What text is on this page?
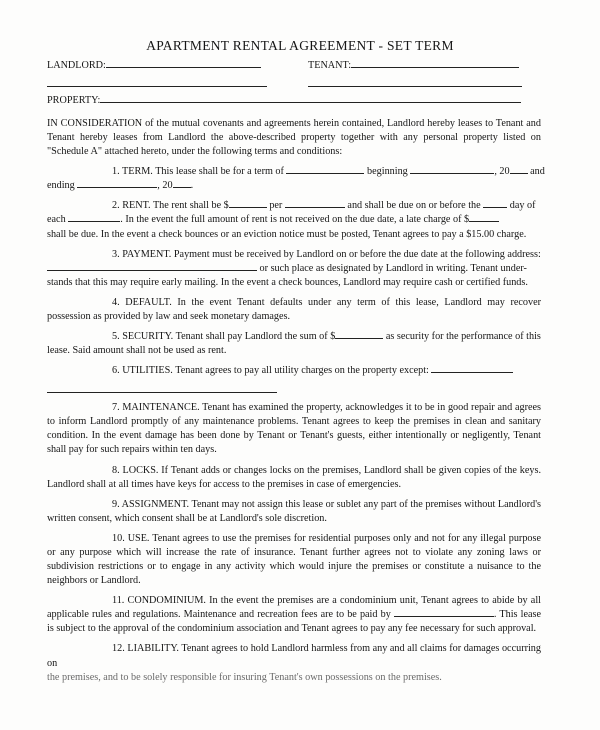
APARTMENT RENTAL AGREEMENT - SET TERM
LANDLORD:	TENANT:
PROPERTY:

IN CONSIDERATION of the mutual covenants and agreements herein contained, Landlord hereby leases to Tenant and Tenant hereby leases from Landlord the above-described property together with any personal property listed on "Schedule A" attached hereto, under the following terms and conditions:

1. TERM. This lease shall be for a term of	beginning	, 20 and

ending	, 20 .

2. RENT. The rent shall be $	per	and shall be due on or before the	day of

each	. In the event the full amount of rent is not received on the due date, a late charge of $

shall be due. In the event a check bounces or an eviction notice must be posted, Tenant agrees to pay a $15.00 charge.

3. PAYMENT. Payment must be received by Landlord on or before the due date at the following address:

or such place as designated by Landlord in writing. Tenant under-

stands that this may require early mailing. In the event a check bounces, Landlord may require cash or certified funds.

4. DEFAULT. In the event Tenant defaults under any term of this lease, Landlord may recover possession as provided by law and seek monetary damages.

5. SECURITY. Tenant shall pay Landlord the sum of $	as security for the performance of this

lease. Said amount shall not be used as rent.

6. UTILITIES. Tenant agrees to pay all utility charges on the property except:

7. MAINTENANCE. Tenant has examined the property, acknowledges it to be in good repair and agrees to inform Landlord promptly of any maintenance problems. Tenant agrees to keep the premises in clean and sanitary condition. In the event damage has been done by Tenant or Tenant's guests, either intentionally or negligently, Tenant shall pay for such repairs within ten days.

8. LOCKS. If Tenant adds or changes locks on the premises, Landlord shall be given copies of the keys. Landlord shall at all times have keys for access to the premises in case of emergencies.

9. ASSIGNMENT. Tenant may not assign this lease or sublet any part of the premises without Landlord's written consent, which consent shall be at Landlord's sole discretion.

10. USE. Tenant agrees to use the premises for residential purposes only and not for any illegal purpose or any purpose which will increase the rate of insurance. Tenant further agrees not to violate any zoning laws or subdivision restrictions or to engage in any activity which would injure the premises or constitute a nuisance to the neighbors or Landlord.

11. CONDOMINIUM. In the event the premises are a condominium unit, Tenant agrees to abide by all applicable rules and regulations. Maintenance and recreation fees are to be paid by	. This lease is subject to the approval of the condominium association and Tenant agrees to pay any fee necessary for such approval.

12. LIABILITY. Tenant agrees to hold Landlord harmless from any and all claims for damages occurring on

the premises, and to be solely responsible for insuring Tenant's own possessions on the premises.
